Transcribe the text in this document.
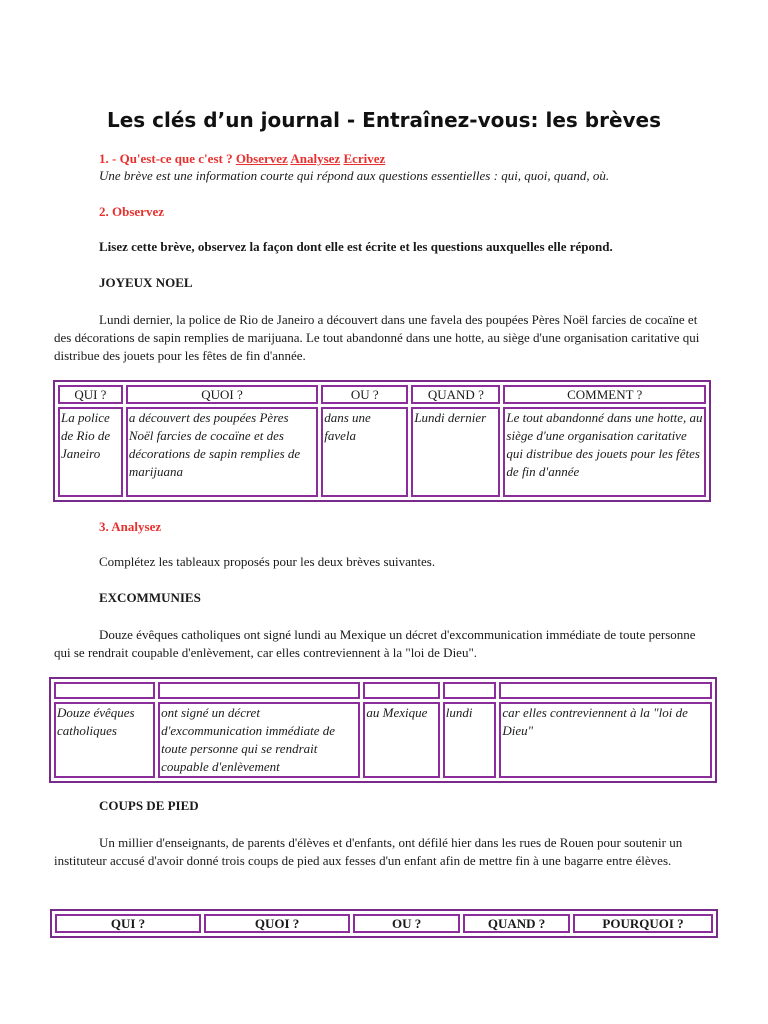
Les clés d’un journal - Entraînez-vous: les brèves
1. - Qu'est-ce que c'est ? Observez Analysez Ecrivez
Une brève est une information courte qui répond aux questions essentielles : qui, quoi, quand, où.
2. Observez
Lisez cette brève, observez la façon dont elle est écrite et les questions auxquelles elle répond.
JOYEUX NOEL
Lundi dernier, la police de Rio de Janeiro a découvert dans une favela des poupées Pères Noël farcies de cocaïne et des décorations de sapin remplies de marijuana. Le tout abandonné dans une hotte, au siège d'une organisation caritative qui distribue des jouets pour les fêtes de fin d'année.
QUI ?	QUOI ?	OU ?	QUAND ?	COMMENT ?
La police de Rio de Janeiro	a découvert des poupées Pères Noël farcies de cocaïne et des décorations de sapin remplies de marijuana	dans une favela	Lundi dernier	Le tout abandonné dans une hotte, au siège d'une organisation caritative qui distribue des jouets pour les fêtes de fin d'année
3. Analysez
Complétez les tableaux proposés pour les deux brèves suivantes.
EXCOMMUNIES
Douze évêques catholiques ont signé lundi au Mexique un décret d'excommunication immédiate de toute personne qui se rendrait coupable d'enlèvement, car elles contreviennent à la "loi de Dieu".

Douze évêques catholiques	ont signé un décret d'excommunication immédiate de toute personne qui se rendrait coupable d'enlèvement	au Mexique	lundi	car elles contreviennent à la "loi de Dieu"
COUPS DE PIED
Un millier d'enseignants, de parents d'élèves et d'enfants, ont défilé hier dans les rues de Rouen pour soutenir un instituteur accusé d'avoir donné trois coups de pied aux fesses d'un enfant afin de mettre fin à une bagarre entre élèves.
QUI ?	QUOI ?	OU ?	QUAND ?	POURQUOI ?
